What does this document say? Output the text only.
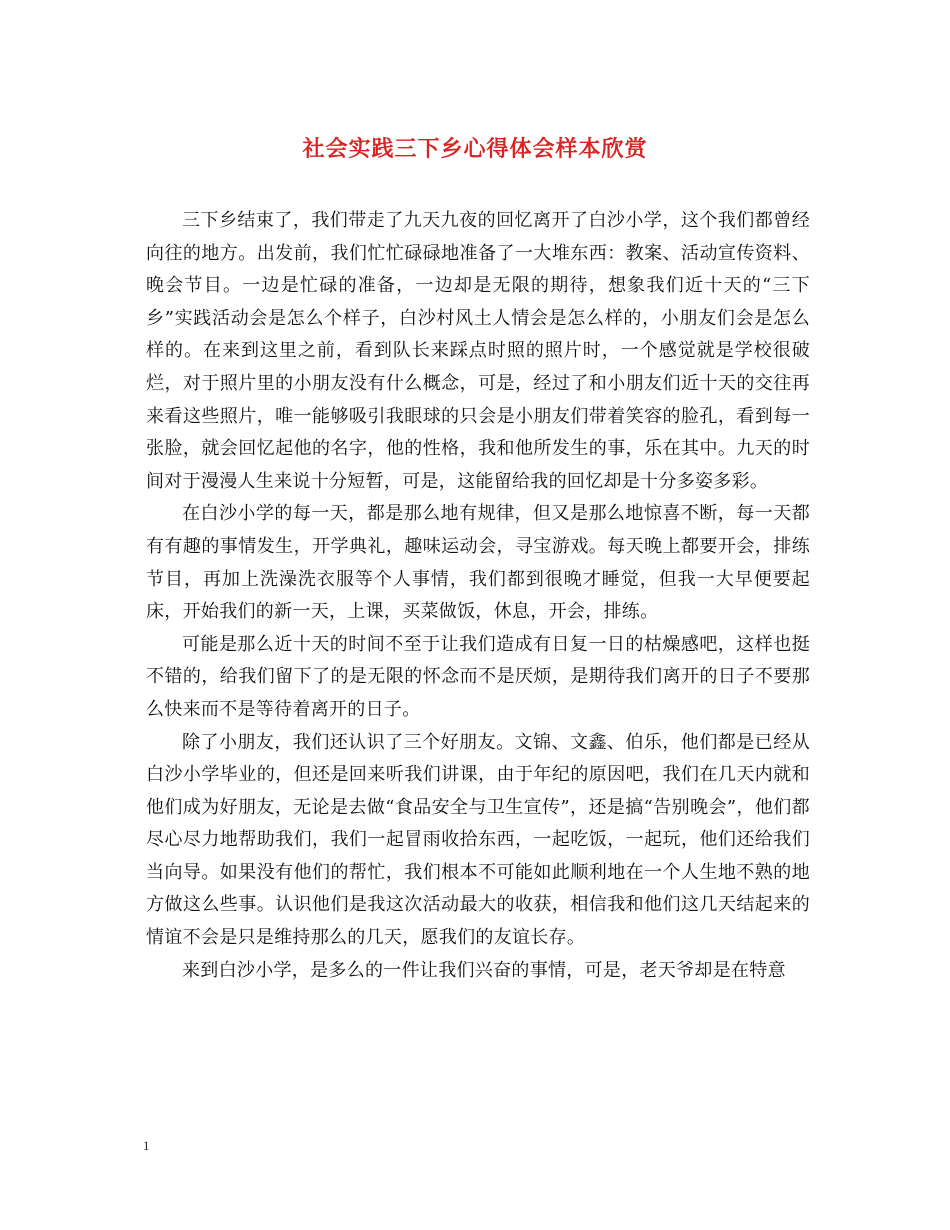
社会实践三下乡心得体会样本欣赏

三下乡结束了，我们带走了九天九夜的回忆离开了白沙小学，这个我们都曾经向往的地方。出发前，我们忙忙碌碌地准备了一大堆东西：教案、活动宣传资料、晚会节目。一边是忙碌的准备，一边却是无限的期待，想象我们近十天的“三下乡”实践活动会是怎么个样子，白沙村风土人情会是怎么样的，小朋友们会是怎么样的。在来到这里之前，看到队长来踩点时照的照片时，一个感觉就是学校很破烂，对于照片里的小朋友没有什么概念，可是，经过了和小朋友们近十天的交往再来看这些照片，唯一能够吸引我眼球的只会是小朋友们带着笑容的脸孔，看到每一张脸，就会回忆起他的名字，他的性格，我和他所发生的事，乐在其中。九天的时间对于漫漫人生来说十分短暂，可是，这能留给我的回忆却是十分多姿多彩。

在白沙小学的每一天，都是那么地有规律，但又是那么地惊喜不断，每一天都有有趣的事情发生，开学典礼，趣味运动会，寻宝游戏。每天晚上都要开会，排练节目，再加上洗澡洗衣服等个人事情，我们都到很晚才睡觉，但我一大早便要起床，开始我们的新一天，上课，买菜做饭，休息，开会，排练。

可能是那么近十天的时间不至于让我们造成有日复一日的枯燥感吧，这样也挺不错的，给我们留下了的是无限的怀念而不是厌烦，是期待我们离开的日子不要那么快来而不是等待着离开的日子。

除了小朋友，我们还认识了三个好朋友。文锦、文鑫、伯乐，他们都是已经从白沙小学毕业的，但还是回来听我们讲课，由于年纪的原因吧，我们在几天内就和他们成为好朋友，无论是去做“食品安全与卫生宣传”，还是搞“告别晚会”，他们都尽心尽力地帮助我们，我们一起冒雨收拾东西，一起吃饭，一起玩，他们还给我们当向导。如果没有他们的帮忙，我们根本不可能如此顺利地在一个人生地不熟的地方做这么些事。认识他们是我这次活动最大的收获，相信我和他们这几天结起来的情谊不会是只是维持那么的几天，愿我们的友谊长存。

来到白沙小学，是多么的一件让我们兴奋的事情，可是，老天爷却是在特意

1
